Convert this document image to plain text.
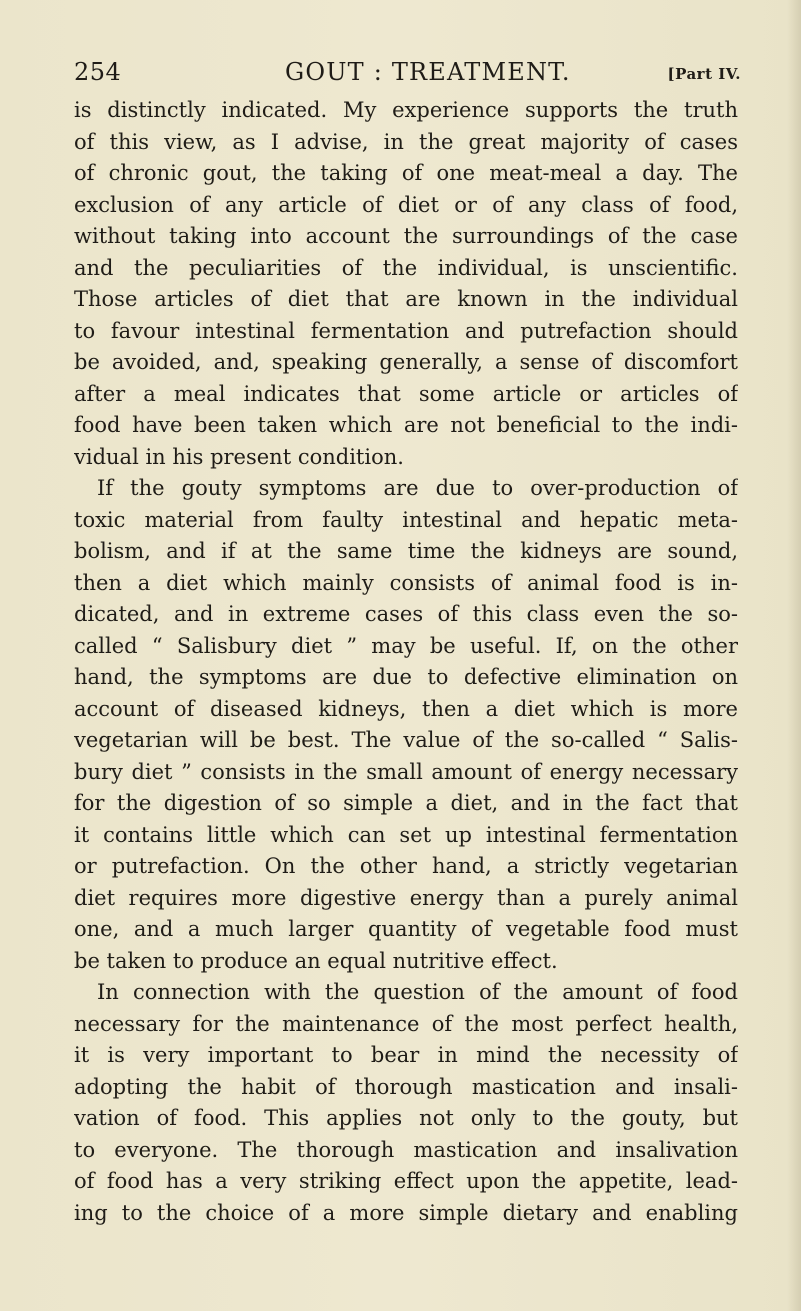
254	GOUT : TREATMENT.	[Part IV.
is distinctly indicated. My experience supports the truth
of this view, as I advise, in the great majority of cases
of chronic gout, the taking of one meat-meal a day. The
exclusion of any article of diet or of any class of food,
without taking into account the surroundings of the case
and the peculiarities of the individual, is unscientific.
Those articles of diet that are known in the individual
to favour intestinal fermentation and putrefaction should
be avoided, and, speaking generally, a sense of discomfort
after a meal indicates that some article or articles of
food have been taken which are not beneficial to the indi-
vidual in his present condition.
If the gouty symptoms are due to over-production of
toxic material from faulty intestinal and hepatic meta-
bolism, and if at the same time the kidneys are sound,
then a diet which mainly consists of animal food is in-
dicated, and in extreme cases of this class even the so-
called “ Salisbury diet ” may be useful. If, on the other
hand, the symptoms are due to defective elimination on
account of diseased kidneys, then a diet which is more
vegetarian will be best. The value of the so-called “ Salis-
bury diet ” consists in the small amount of energy necessary
for the digestion of so simple a diet, and in the fact that
it contains little which can set up intestinal fermentation
or putrefaction. On the other hand, a strictly vegetarian
diet requires more digestive energy than a purely animal
one, and a much larger quantity of vegetable food must
be taken to produce an equal nutritive effect.
In connection with the question of the amount of food
necessary for the maintenance of the most perfect health,
it is very important to bear in mind the necessity of
adopting the habit of thorough mastication and insali-
vation of food. This applies not only to the gouty, but
to everyone. The thorough mastication and insalivation
of food has a very striking effect upon the appetite, lead-
ing to the choice of a more simple dietary and enabling
